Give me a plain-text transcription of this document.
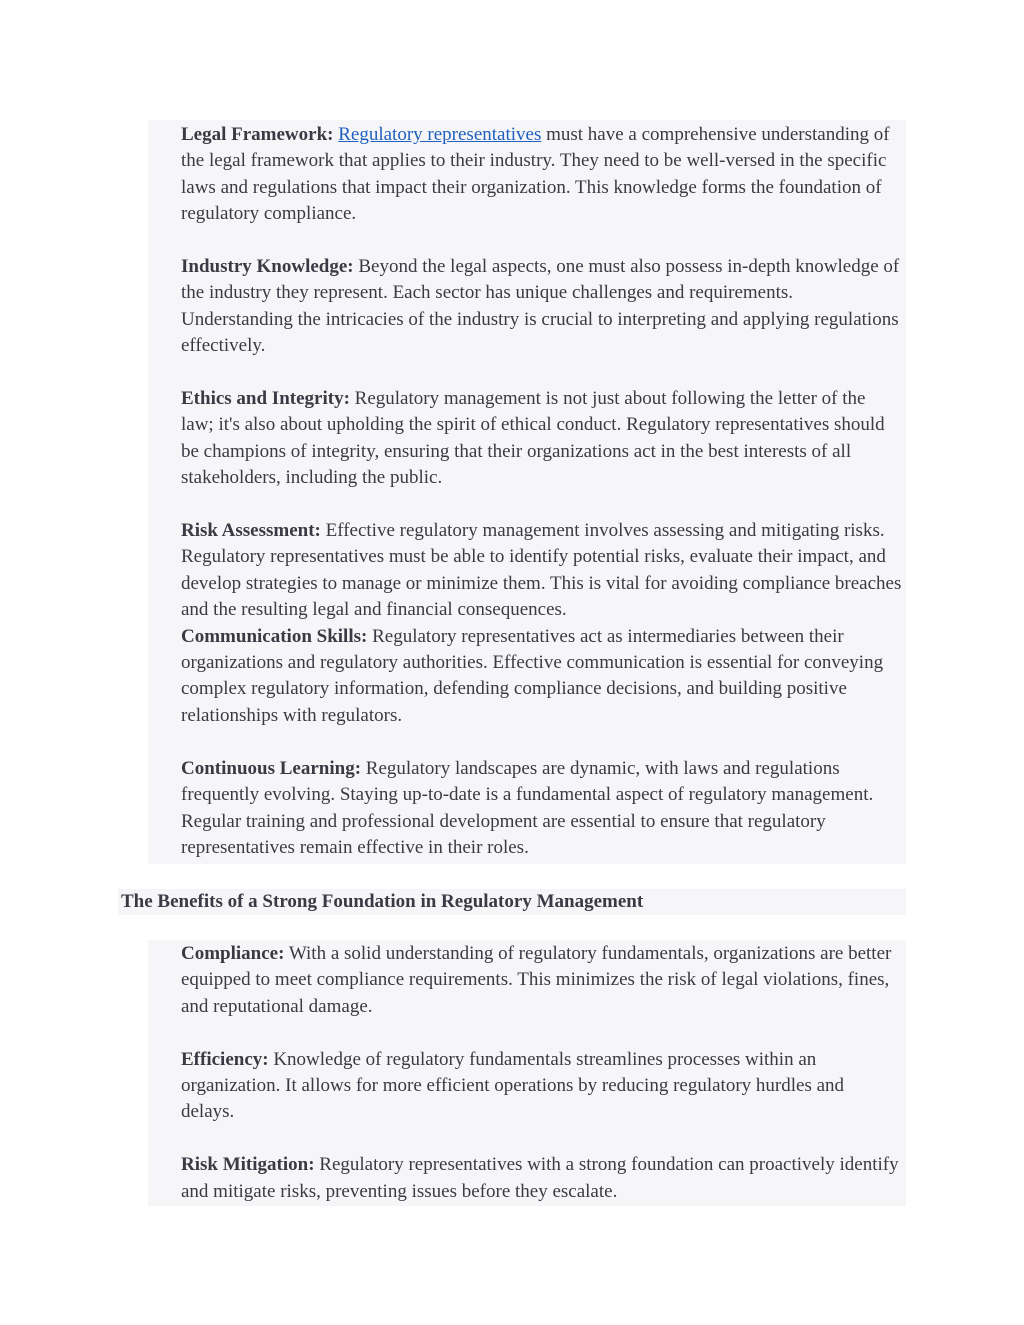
Legal Framework: Regulatory representatives must have a comprehensive understanding of the legal framework that applies to their industry. They need to be well-versed in the specific laws and regulations that impact their organization. This knowledge forms the foundation of regulatory compliance.

Industry Knowledge: Beyond the legal aspects, one must also possess in-depth knowledge of the industry they represent. Each sector has unique challenges and requirements. Understanding the intricacies of the industry is crucial to interpreting and applying regulations effectively.

Ethics and Integrity: Regulatory management is not just about following the letter of the law; it's also about upholding the spirit of ethical conduct. Regulatory representatives should be champions of integrity, ensuring that their organizations act in the best interests of all stakeholders, including the public.

Risk Assessment: Effective regulatory management involves assessing and mitigating risks. Regulatory representatives must be able to identify potential risks, evaluate their impact, and develop strategies to manage or minimize them. This is vital for avoiding compliance breaches and the resulting legal and financial consequences.

Communication Skills: Regulatory representatives act as intermediaries between their organizations and regulatory authorities. Effective communication is essential for conveying complex regulatory information, defending compliance decisions, and building positive relationships with regulators.

Continuous Learning: Regulatory landscapes are dynamic, with laws and regulations frequently evolving. Staying up-to-date is a fundamental aspect of regulatory management. Regular training and professional development are essential to ensure that regulatory representatives remain effective in their roles.

The Benefits of a Strong Foundation in Regulatory Management

Compliance: With a solid understanding of regulatory fundamentals, organizations are better equipped to meet compliance requirements. This minimizes the risk of legal violations, fines, and reputational damage.

Efficiency: Knowledge of regulatory fundamentals streamlines processes within an organization. It allows for more efficient operations by reducing regulatory hurdles and delays.

Risk Mitigation: Regulatory representatives with a strong foundation can proactively identify and mitigate risks, preventing issues before they escalate.
